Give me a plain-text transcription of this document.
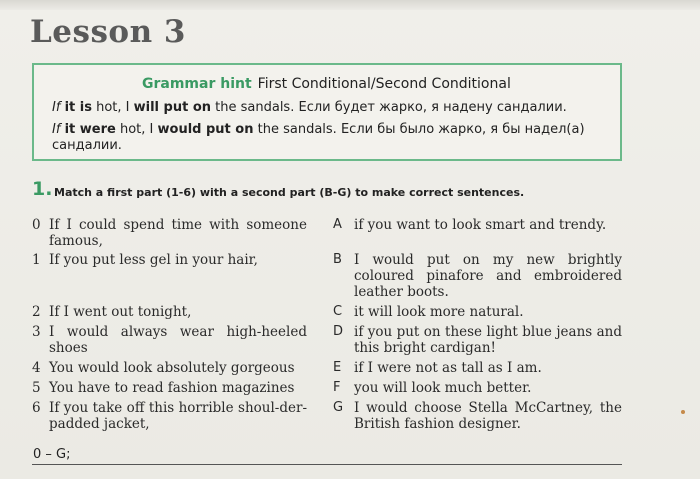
Lesson 3
Grammar hint First Conditional/Second Conditional
If it is hot, I will put on the sandals. Если будет жарко, я надену сандалии.
If it were hot, I would put on the sandals. Если бы было жарко, я бы надел(а) сандалии.
1. Match a first part (1-6) with a second part (B-G) to make correct sentences.
0 If I could spend time with someone famous,
1 If you put less gel in your hair,
2 If I went out tonight,
3 I would always wear high-heeled shoes
4 You would look absolutely gorgeous
5 You have to read fashion magazines
6 If you take off this horrible shoul-der-padded jacket,
A if you want to look smart and trendy.
B I would put on my new brightly coloured pinafore and embroidered leather boots.
C it will look more natural.
D if you put on these light blue jeans and this bright cardigan!
E if I were not as tall as I am.
F you will look much better.
G I would choose Stella McCartney, the British fashion designer.
0 – G;
